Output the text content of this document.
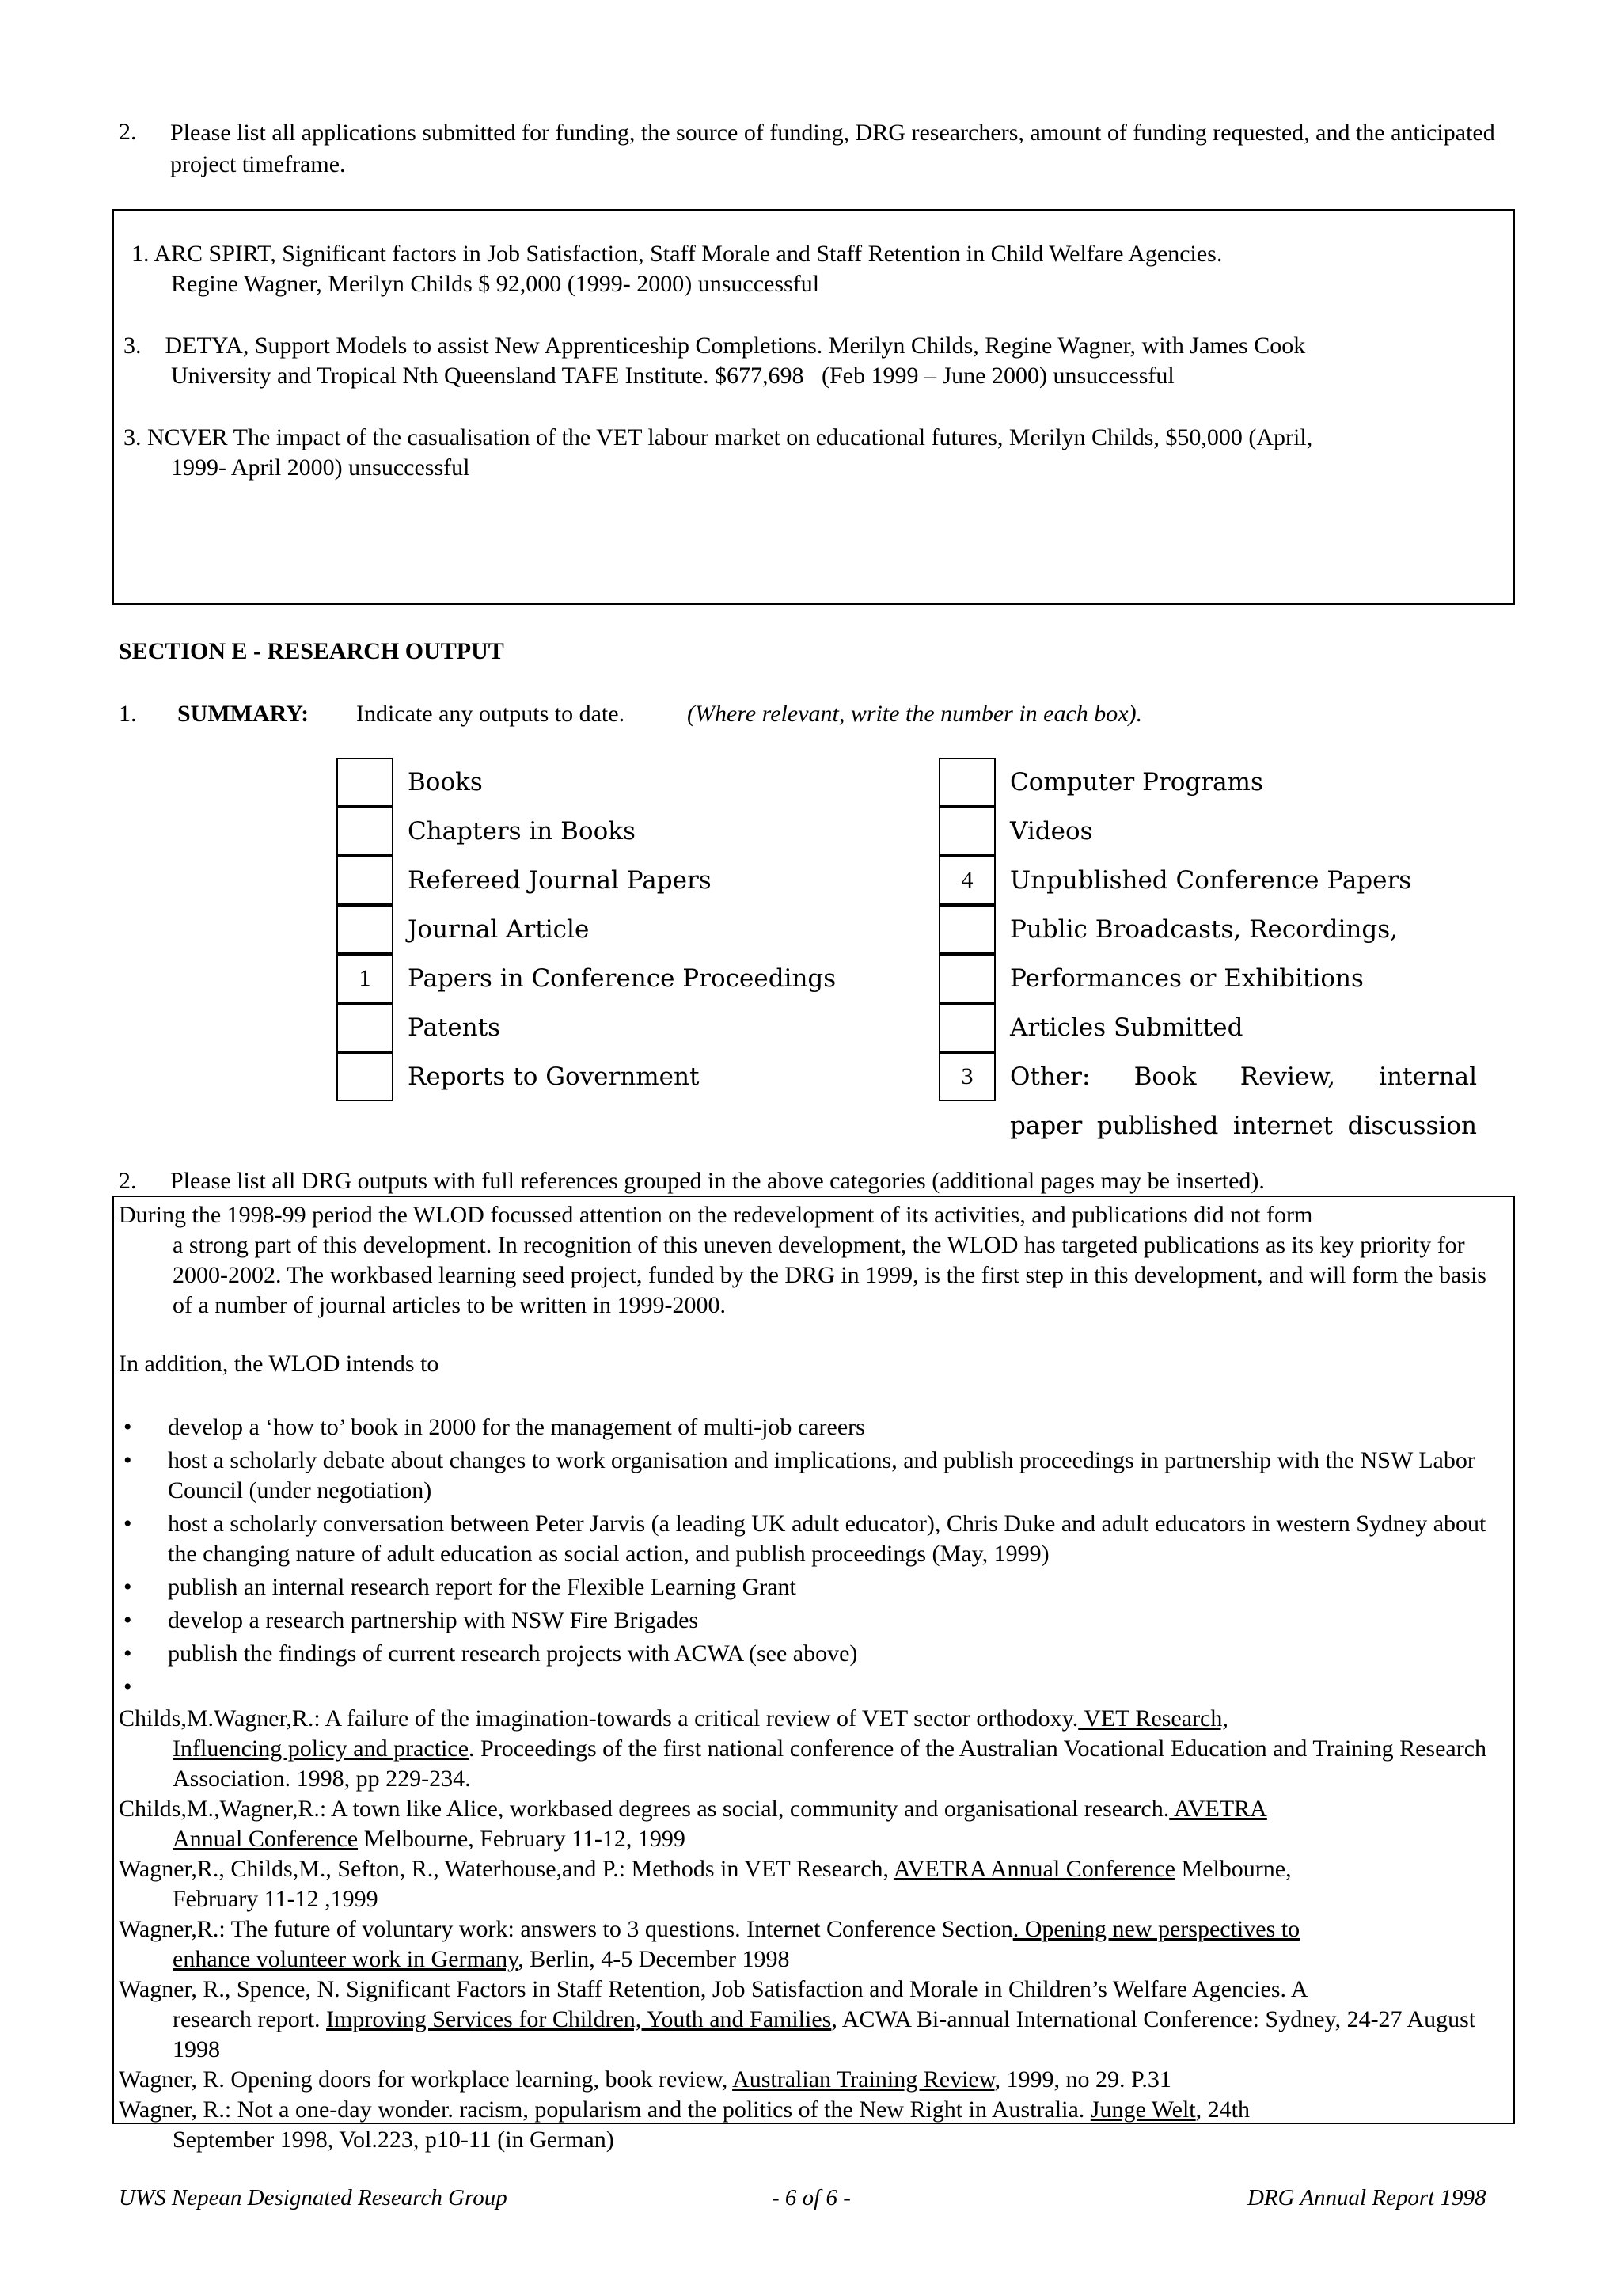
2. Please list all applications submitted for funding, the source of funding, DRG researchers, amount of funding requested, and the anticipated project timeframe.
1. ARC SPIRT, Significant factors in Job Satisfaction, Staff Morale and Staff Retention in Child Welfare Agencies.
Regine Wagner, Merilyn Childs $ 92,000 (1999- 2000) unsuccessful
3.    DETYA, Support Models to assist New Apprenticeship Completions. Merilyn Childs, Regine Wagner, with James Cook
University and Tropical Nth Queensland TAFE Institute. $677,698   (Feb 1999 – June 2000) unsuccessful
3. NCVER The impact of the casualisation of the VET labour market on educational futures, Merilyn Childs, $50,000 (April,
1999- April 2000) unsuccessful
SECTION E - RESEARCH OUTPUT
1. SUMMARY: Indicate any outputs to date.	(Where relevant, write the number in each box).
Books
Chapters in Books
Refereed Journal Papers
Journal Article
1	Papers in Conference Proceedings
Patents
Reports to Government
Computer Programs
Videos
4	Unpublished Conference Papers
Public Broadcasts, Recordings,
Performances or Exhibitions
Articles Submitted
3	Other:    Book    Review,    internal paper published internet discussion
2. Please list all DRG outputs with full references grouped in the above categories (additional pages may be inserted).
During the 1998-99 period the WLOD focussed attention on the redevelopment of its activities, and publications did not form
a strong part of this development. In recognition of this uneven development, the WLOD has targeted publications as its key priority for 2000-2002. The workbased learning seed project, funded by the DRG in 1999, is the first step in this development, and will form the basis of a number of journal articles to be written in 1999-2000.
In addition, the WLOD intends to
• develop a ‘how to’ book in 2000 for the management of multi-job careers
• host a scholarly debate about changes to work organisation and implications, and publish proceedings in partnership with the NSW Labor Council (under negotiation)
• host a scholarly conversation between Peter Jarvis (a leading UK adult educator), Chris Duke and adult educators in western Sydney about the changing nature of adult education as social action, and publish proceedings (May, 1999)
• publish an internal research report for the Flexible Learning Grant
• develop a research partnership with NSW Fire Brigades
• publish the findings of current research projects with ACWA (see above)
•
Childs,M.Wagner,R.: A failure of the imagination-towards a critical review of VET sector orthodoxy. VET Research,
Influencing policy and practice. Proceedings of the first national conference of the Australian Vocational Education and Training Research Association. 1998, pp 229-234.
Childs,M.,Wagner,R.: A town like Alice, workbased degrees as social, community and organisational research. AVETRA
Annual Conference Melbourne, February 11-12, 1999
Wagner,R., Childs,M., Sefton, R., Waterhouse,and P.: Methods in VET Research, AVETRA Annual Conference Melbourne,
February 11-12 ,1999
Wagner,R.: The future of voluntary work: answers to 3 questions. Internet Conference Section. Opening new perspectives to
enhance volunteer work in Germany, Berlin, 4-5 December 1998
Wagner, R., Spence, N. Significant Factors in Staff Retention, Job Satisfaction and Morale in Children’s Welfare Agencies. A
research report. Improving Services for Children, Youth and Families, ACWA Bi-annual International Conference: Sydney, 24-27 August 1998
Wagner, R. Opening doors for workplace learning, book review, Australian Training Review, 1999, no 29. P.31
Wagner, R.: Not a one-day wonder. racism, popularism and the politics of the New Right in Australia. Junge Welt, 24th
September 1998, Vol.223, p10-11 (in German)
UWS Nepean Designated Research Group	- 6 of 6 -	DRG Annual Report 1998
